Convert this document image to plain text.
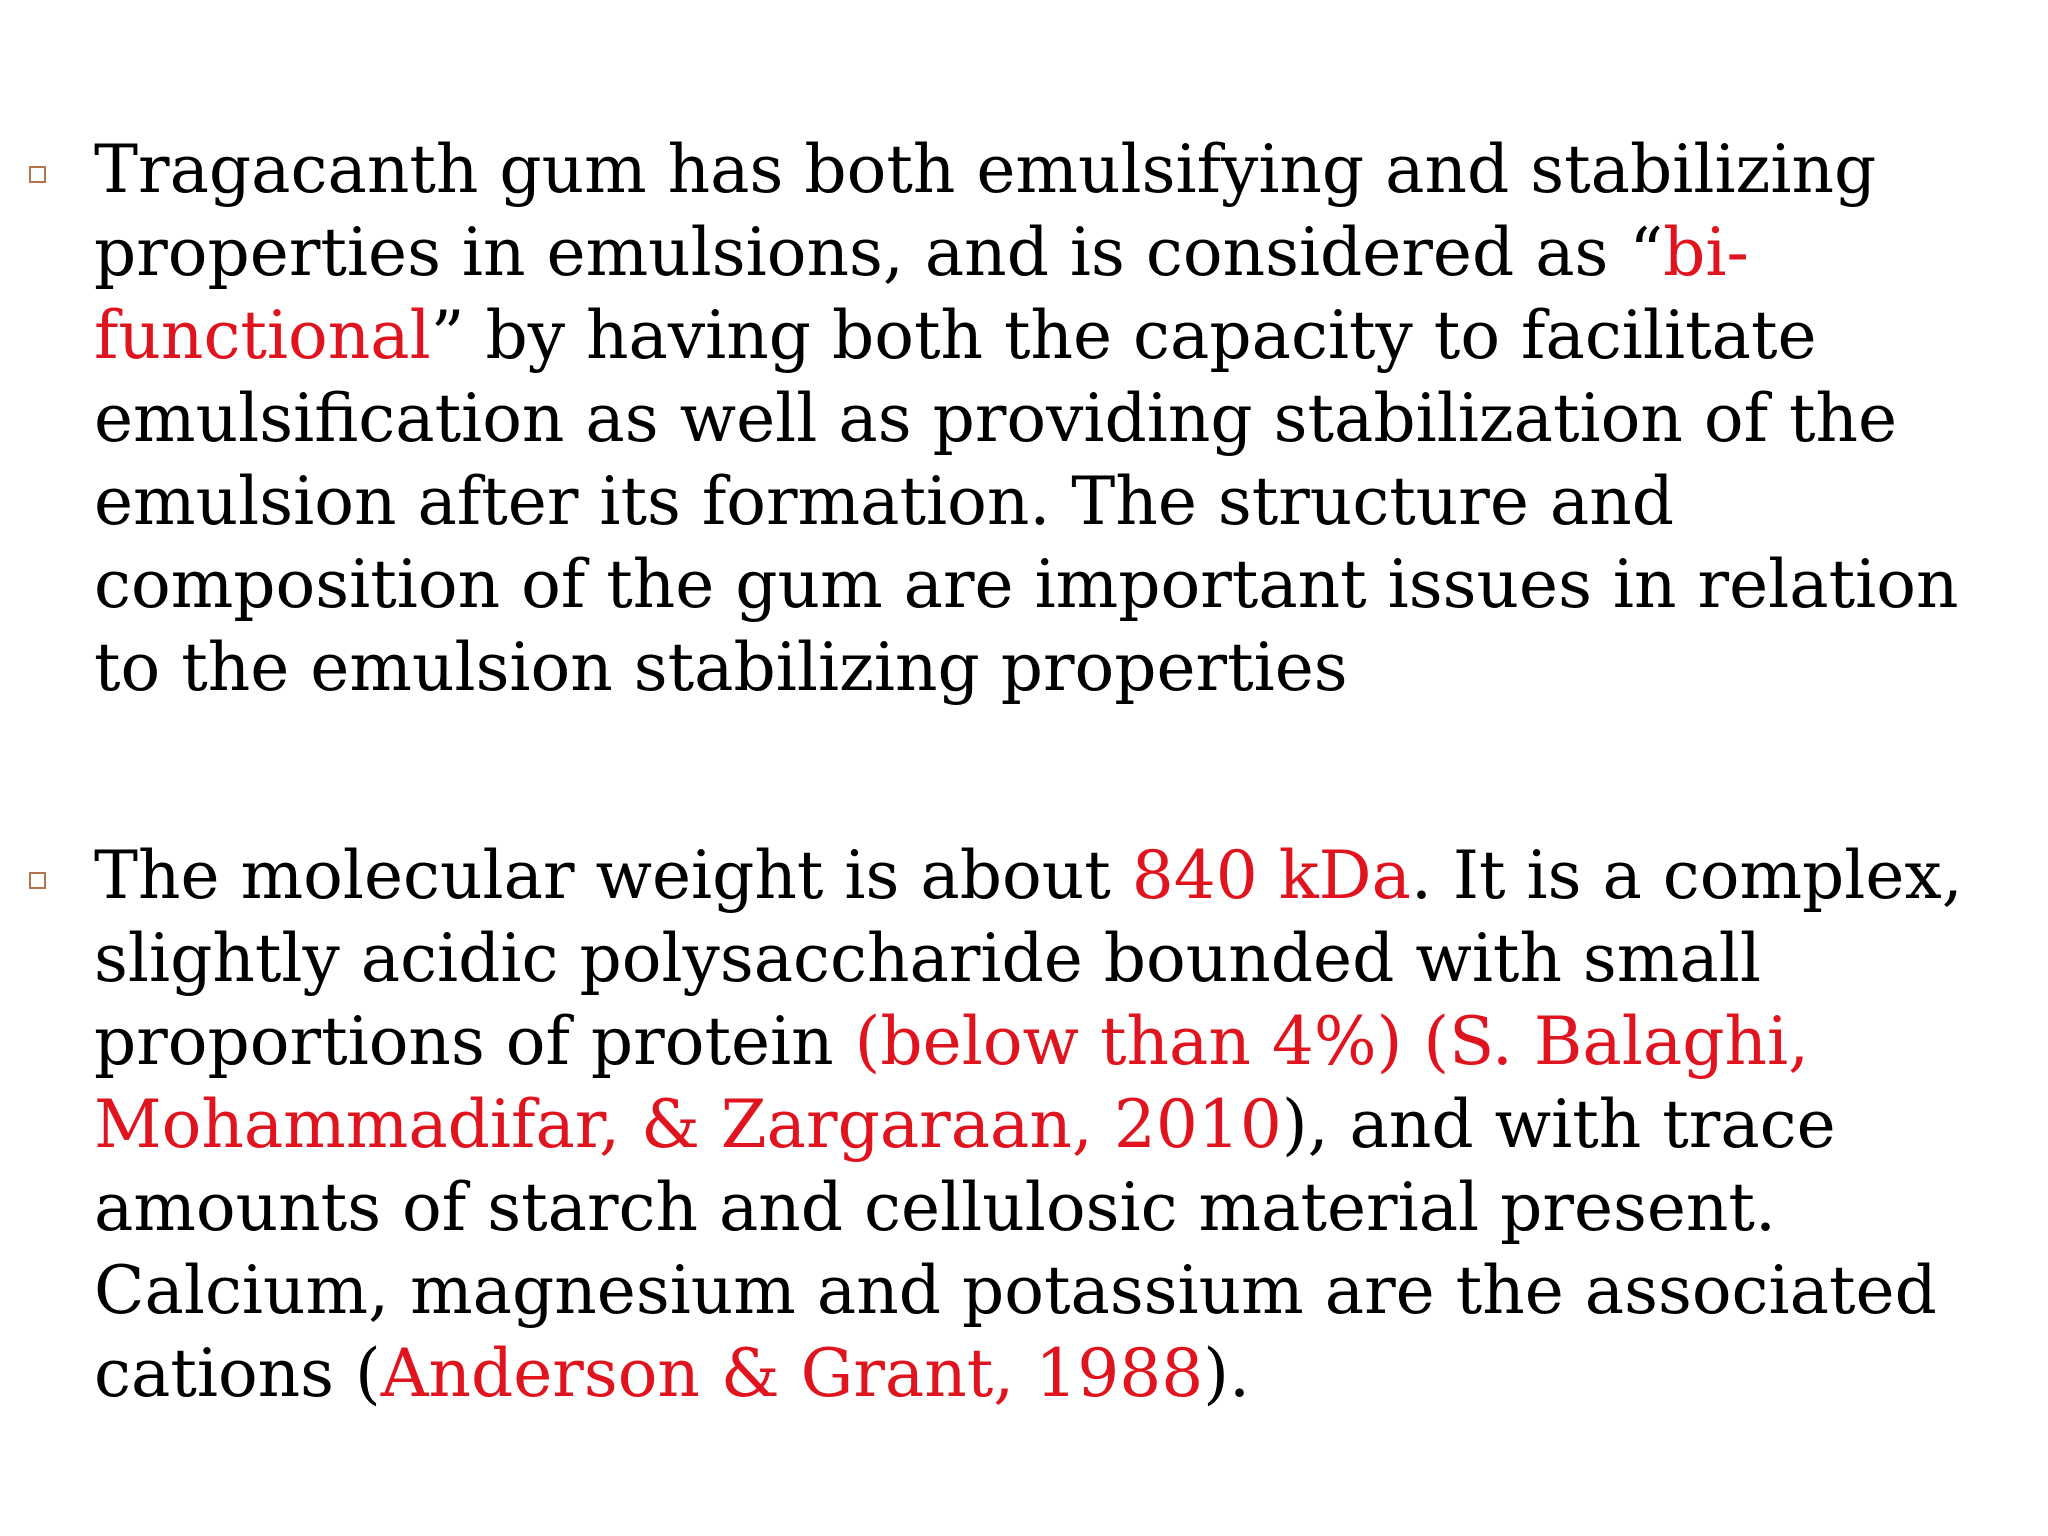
Tragacanth gum has both emulsifying and stabilizing
properties in emulsions, and is considered as “bi-
functional” by having both the capacity to facilitate
emulsification as well as providing stabilization of the
emulsion after its formation. The structure and
composition of the gum are important issues in relation
to the emulsion stabilizing properties

The molecular weight is about 840 kDa. It is a complex,
slightly acidic polysaccharide bounded with small
proportions of protein (below than 4%) (S. Balaghi,
Mohammadifar, & Zargaraan, 2010), and with trace
amounts of starch and cellulosic material present.
Calcium, magnesium and potassium are the associated
cations (Anderson & Grant, 1988).
